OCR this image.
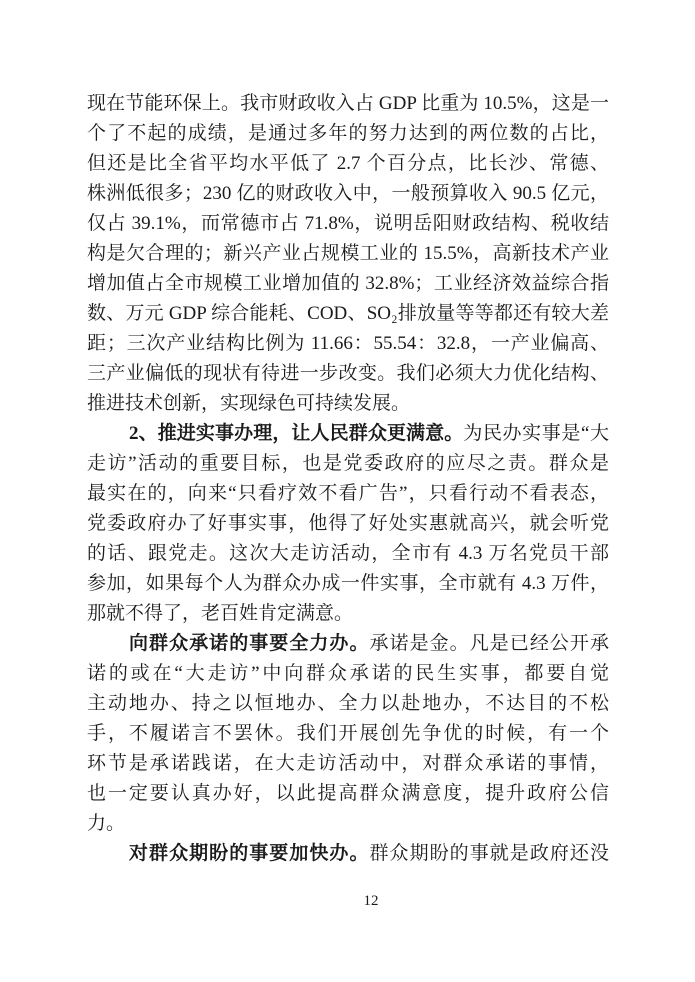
现在节能环保上。我市财政收入占 GDP 比重为 10.5%，这是一
个了不起的成绩，是通过多年的努力达到的两位数的占比，
但还是比全省平均水平低了 2.7 个百分点，比长沙、常德、
株洲低很多；230 亿的财政收入中，一般预算收入 90.5 亿元，
仅占 39.1%，而常德市占 71.8%，说明岳阳财政结构、税收结
构是欠合理的；新兴产业占规模工业的 15.5%，高新技术产业
增加值占全市规模工业增加值的 32.8%；工业经济效益综合指
数、万元 GDP 综合能耗、COD、SO₂排放量等等都还有较大差
距；三次产业结构比例为 11.66：55.54：32.8，一产业偏高、
三产业偏低的现状有待进一步改变。我们必须大力优化结构、
推进技术创新，实现绿色可持续发展。
2、推进实事办理，让人民群众更满意。为民办实事是“大
走访”活动的重要目标，也是党委政府的应尽之责。群众是
最实在的，向来“只看疗效不看广告”，只看行动不看表态，
党委政府办了好事实事，他得了好处实惠就高兴，就会听党
的话、跟党走。这次大走访活动，全市有 4.3 万名党员干部
参加，如果每个人为群众办成一件实事，全市就有 4.3 万件，
那就不得了，老百姓肯定满意。
向群众承诺的事要全力办。承诺是金。凡是已经公开承
诺的或在“大走访”中向群众承诺的民生实事，都要自觉
主动地办、持之以恒地办、全力以赴地办，不达目的不松
手，不履诺言不罢休。我们开展创先争优的时候，有一个
环节是承诺践诺，在大走访活动中，对群众承诺的事情，
也一定要认真办好，以此提高群众满意度，提升政府公信
力。
对群众期盼的事要加快办。群众期盼的事就是政府还没
12
